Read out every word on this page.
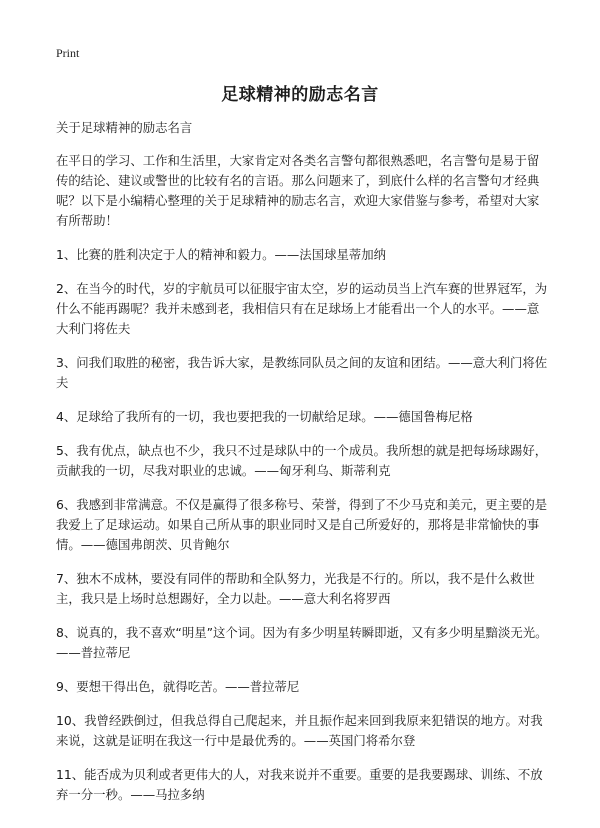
Print
足球精神的励志名言

关于足球精神的励志名言

在平日的学习、工作和生活里，大家肯定对各类名言警句都很熟悉吧，名言警句是易于留传的结论、建议或警世的比较有名的言语。那么问题来了，到底什么样的名言警句才经典呢？以下是小编精心整理的关于足球精神的励志名言，欢迎大家借鉴与参考，希望对大家有所帮助！

1、比赛的胜利决定于人的精神和毅力。——法国球星蒂加纳

2、在当今的时代，岁的宇航员可以征服宇宙太空，岁的运动员当上汽车赛的世界冠军，为什么不能再踢呢？我并未感到老，我相信只有在足球场上才能看出一个人的水平。——意大利门将佐夫

3、问我们取胜的秘密，我告诉大家，是教练同队员之间的友谊和团结。——意大利门将佐夫

4、足球给了我所有的一切，我也要把我的一切献给足球。——德国鲁梅尼格

5、我有优点，缺点也不少，我只不过是球队中的一个成员。我所想的就是把每场球踢好，贡献我的一切，尽我对职业的忠诚。——匈牙利乌、斯蒂利克

6、我感到非常满意。不仅是赢得了很多称号、荣誉，得到了不少马克和美元，更主要的是我爱上了足球运动。如果自己所从事的职业同时又是自己所爱好的，那将是非常愉快的事情。——德国弗朗茨、贝肯鲍尔

7、独木不成林，要没有同伴的帮助和全队努力，光我是不行的。所以，我不是什么救世主，我只是上场时总想踢好，全力以赴。——意大利名将罗西

8、说真的，我不喜欢“明星”这个词。因为有多少明星转瞬即逝，又有多少明星黯淡无光。——普拉蒂尼

9、要想干得出色，就得吃苦。——普拉蒂尼

10、我曾经跌倒过，但我总得自己爬起来，并且振作起来回到我原来犯错误的地方。对我来说，这就是证明在我这一行中是最优秀的。——英国门将希尔登

11、能否成为贝利或者更伟大的人，对我来说并不重要。重要的是我要踢球、训练、不放弃一分一秒。——马拉多纳
